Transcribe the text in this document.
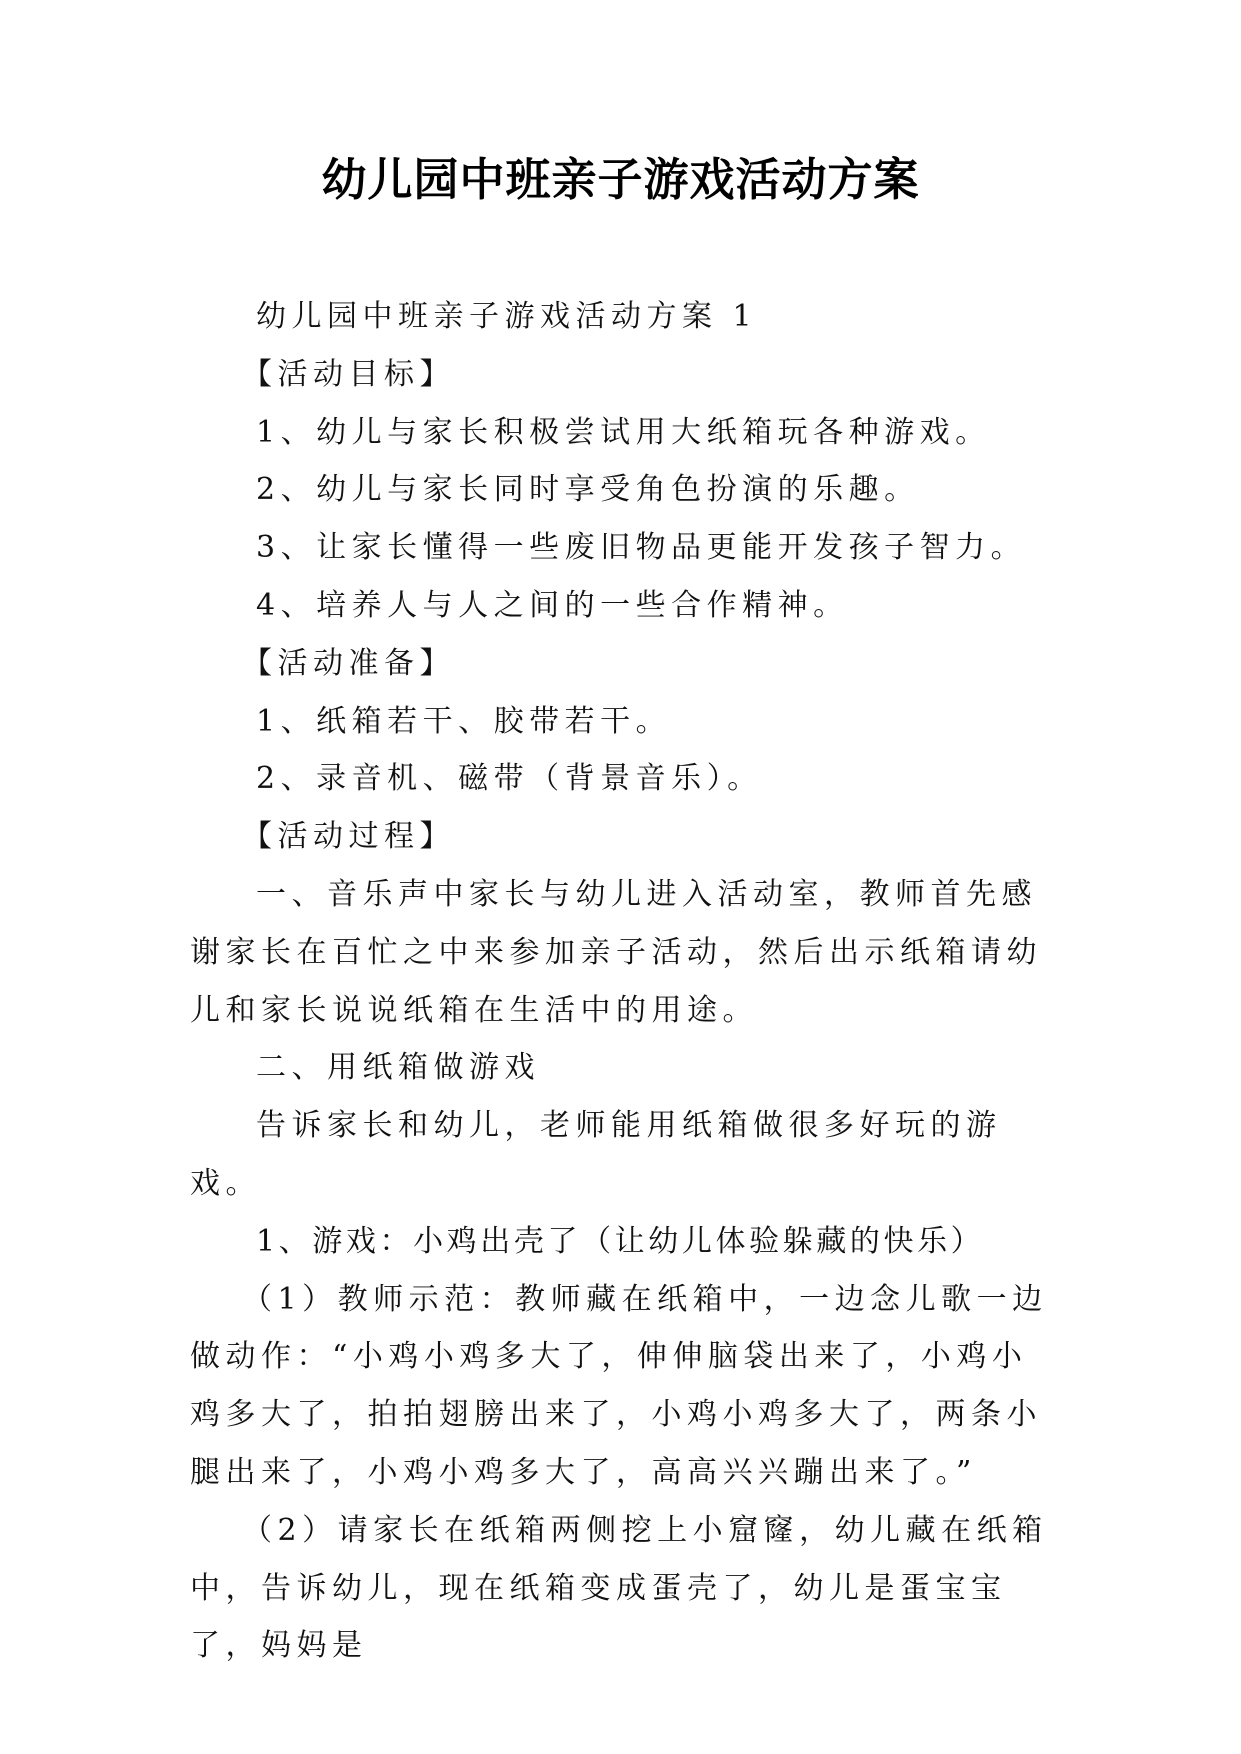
幼儿园中班亲子游戏活动方案

幼儿园中班亲子游戏活动方案 1

【活动目标】

1、幼儿与家长积极尝试用大纸箱玩各种游戏。

2、幼儿与家长同时享受角色扮演的乐趣。

3、让家长懂得一些废旧物品更能开发孩子智力。

4、培养人与人之间的一些合作精神。

【活动准备】

1、纸箱若干、胶带若干。

2、录音机、磁带（背景音乐）。

【活动过程】

一、音乐声中家长与幼儿进入活动室，教师首先感谢家长在百忙之中来参加亲子活动，然后出示纸箱请幼儿和家长说说纸箱在生活中的用途。

二、用纸箱做游戏

告诉家长和幼儿，老师能用纸箱做很多好玩的游戏。

1、游戏：小鸡出壳了（让幼儿体验躲藏的快乐）

（1）教师示范：教师藏在纸箱中，一边念儿歌一边做动作：“小鸡小鸡多大了，伸伸脑袋出来了，小鸡小鸡多大了，拍拍翅膀出来了，小鸡小鸡多大了，两条小腿出来了，小鸡小鸡多大了，高高兴兴蹦出来了。”

（2）请家长在纸箱两侧挖上小窟窿，幼儿藏在纸箱中，告诉幼儿，现在纸箱变成蛋壳了，幼儿是蛋宝宝了，妈妈是
